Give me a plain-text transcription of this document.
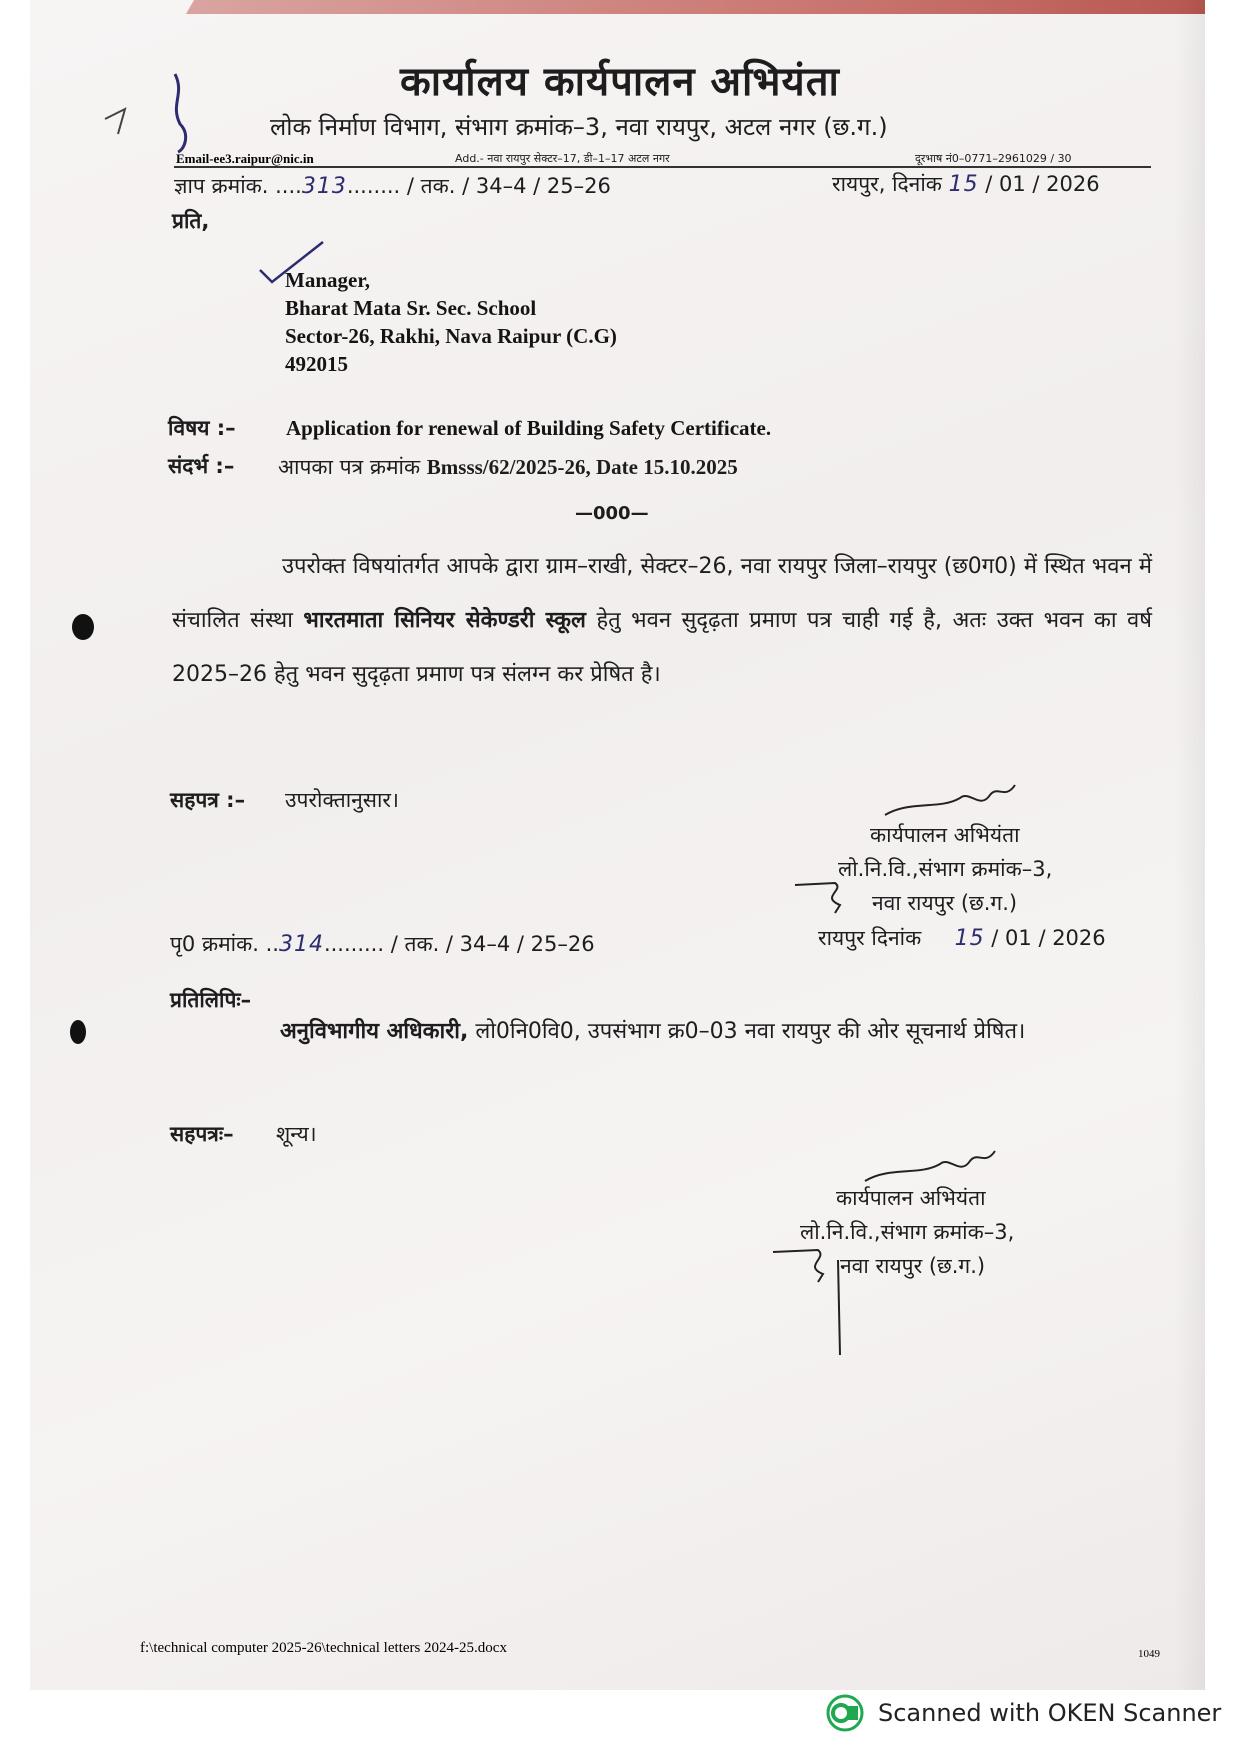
कार्यालय कार्यपालन अभियंता
लोक निर्माण विभाग, संभाग क्रमांक–3, नवा रायपुर, अटल नगर (छ.ग.)
Email-ee3.raipur@nic.in	Add.- नवा रायपुर सेक्टर–17, डी–1–17 अटल नगर	दूरभाष नं0–0771–2961029 / 30
ज्ञाप क्रमांक. ....313........ / तक. / 34–4 / 25–26	रायपुर, दिनांक 15 / 01 / 2026
प्रति,
Manager,
Bharat Mata Sr. Sec. School
Sector-26, Rakhi, Nava Raipur (C.G)
492015
विषय :– Application for renewal of Building Safety Certificate.
संदर्भ :– आपका पत्र क्रमांक Bmsss/62/2025-26, Date 15.10.2025
—000—
उपरोक्त विषयांतर्गत आपके द्वारा ग्राम–राखी, सेक्टर–26, नवा रायपुर जिला–रायपुर (छ0ग0) में स्थित भवन में संचालित संस्था भारतमाता सिनियर सेकेण्डरी स्कूल हेतु भवन सुदृढ़ता प्रमाण पत्र चाही गई है, अतः उक्त भवन का वर्ष 2025–26 हेतु भवन सुदृढ़ता प्रमाण पत्र संलग्न कर प्रेषित है।
सहपत्र :– उपरोक्तानुसार।
कार्यपालन अभियंता
लो.नि.वि.,संभाग क्रमांक–3,
नवा रायपुर (छ.ग.)
पृ0 क्रमांक. ..314......... / तक. / 34–4 / 25–26	रायपुर दिनांक 15 / 01 / 2026
प्रतिलिपिः–
अनुविभागीय अधिकारी, लो0नि0वि0, उपसंभाग क्र0–03 नवा रायपुर की ओर सूचनार्थ प्रेषित।
सहपत्रः– शून्य।
कार्यपालन अभियंता
लो.नि.वि.,संभाग क्रमांक–3,
नवा रायपुर (छ.ग.)
f:\technical computer 2025-26\technical letters 2024-25.docx	1049
Scanned with OKEN Scanner
